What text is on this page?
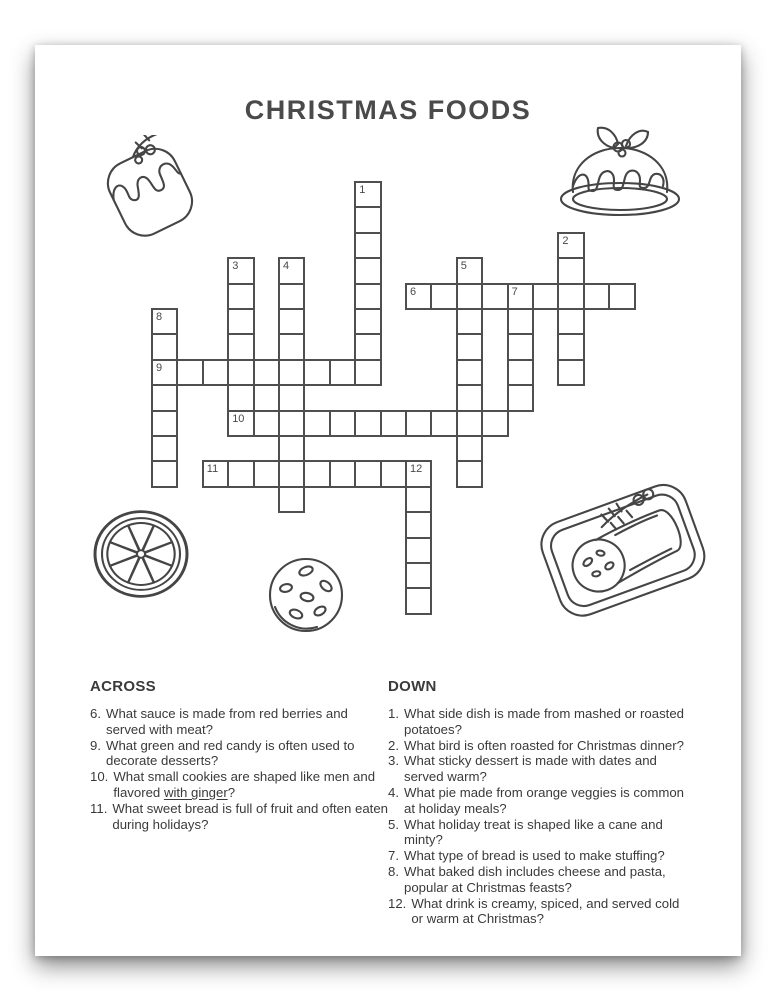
CHRISTMAS FOODS
1
2
3
10
4	5
6	7
8
9
11	12
ACROSS
6. What sauce is made from red berries and served with meat?
9. What green and red candy is often used to decorate desserts?
10. What small cookies are shaped like men and flavored with ginger?
11. What sweet bread is full of fruit and often eaten during holidays?
DOWN
1. What side dish is made from mashed or roasted potatoes?
2. What bird is often roasted for Christmas dinner?
3. What sticky dessert is made with dates and served warm?
4. What pie made from orange veggies is common at holiday meals?
5. What holiday treat is shaped like a cane and minty?
7. What type of bread is used to make stuffing?
8. What baked dish includes cheese and pasta, popular at Christmas feasts?
12. What drink is creamy, spiced, and served cold or warm at Christmas?
